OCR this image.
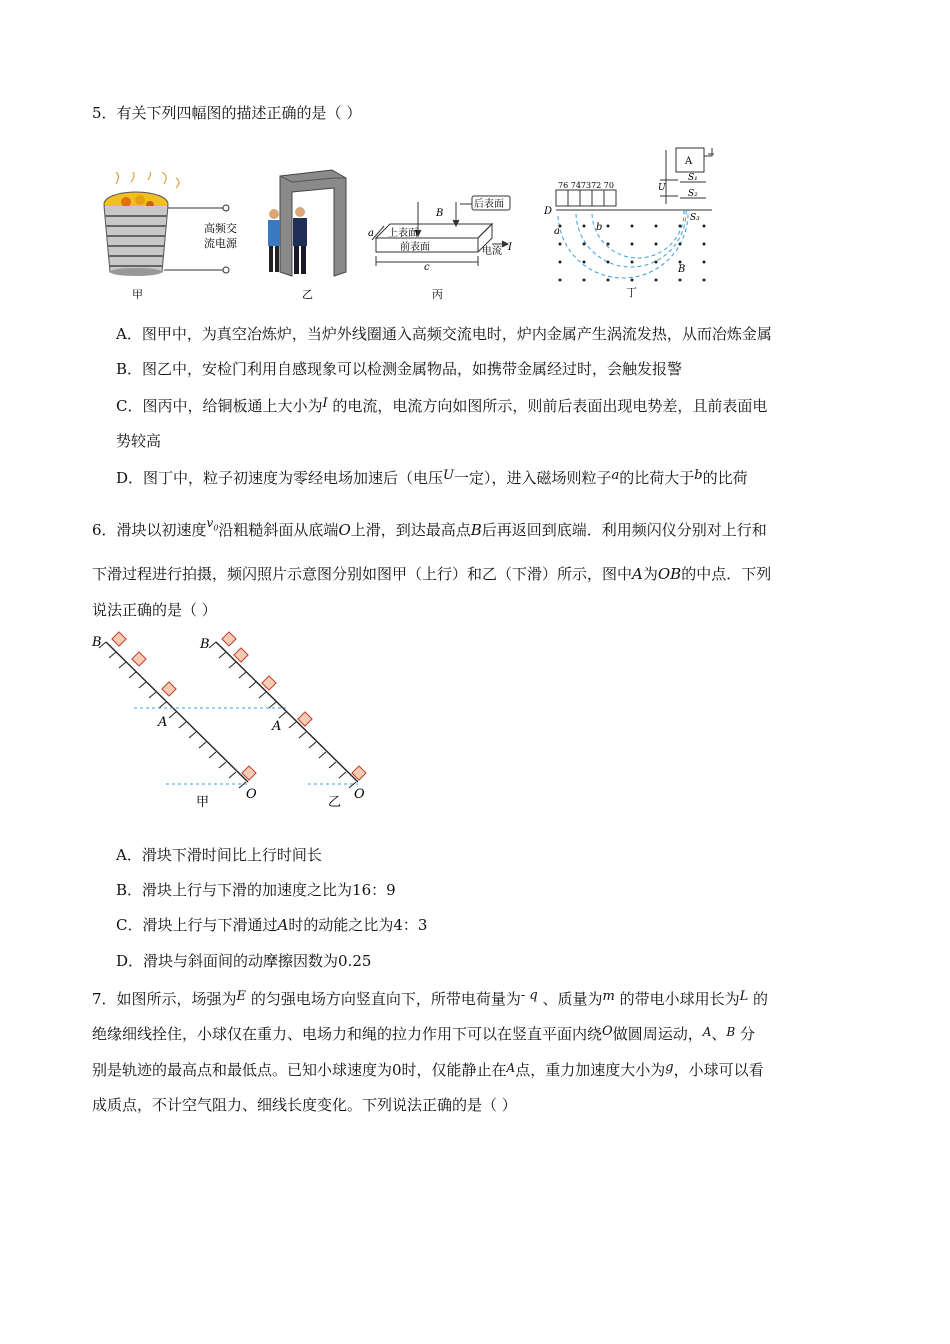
5．有关下列四幅图的描述正确的是（ ）
高频交
流电源
甲	乙
B
后表面
上表面
前表面	电流 I
a
c
丙
76 747372 70
A
U
S₁
S₂
S₃
D
a	b
B
丁
A．图甲中，为真空冶炼炉，当炉外线圈通入高频交流电时，炉内金属产生涡流发热，从而冶炼金属
B．图乙中，安检门利用自感现象可以检测金属物品，如携带金属经过时，会触发报警
C．图丙中，给铜板通上大小为I 的电流，电流方向如图所示，则前后表面出现电势差，且前表面电
势较高
D．图丁中，粒子初速度为零经电场加速后（电压U一定），进入磁场则粒子a的比荷大于b的比荷
6．滑块以初速度$^{v_0}$沿粗糙斜面从底端O上滑，到达最高点B后再返回到底端．利用频闪仪分别对上行和
下滑过程进行拍摄，频闪照片示意图分别如图甲（上行）和乙（下滑）所示，图中A为OB的中点．下列
说法正确的是（ ）
B
A
O
甲
B
A
O
乙
A．滑块下滑时间比上行时间长
B．滑块上行与下滑的加速度之比为16：9
C．滑块上行与下滑通过A时的动能之比为4：3
D．滑块与斜面间的动摩擦因数为0.25
7．如图所示，场强为E 的匀强电场方向竖直向下，所带电荷量为- q 、质量为m 的带电小球用长为L 的
绝缘细线拴住，小球仅在重力、电场力和绳的拉力作用下可以在竖直平面内绕O做圆周运动，$^A$、$^B$ 分
别是轨迹的最高点和最低点。已知小球速度为0时，仅能静止在$^A$点，重力加速度大小为g，小球可以看
成质点，不计空气阻力、细线长度变化。下列说法正确的是（ ）
